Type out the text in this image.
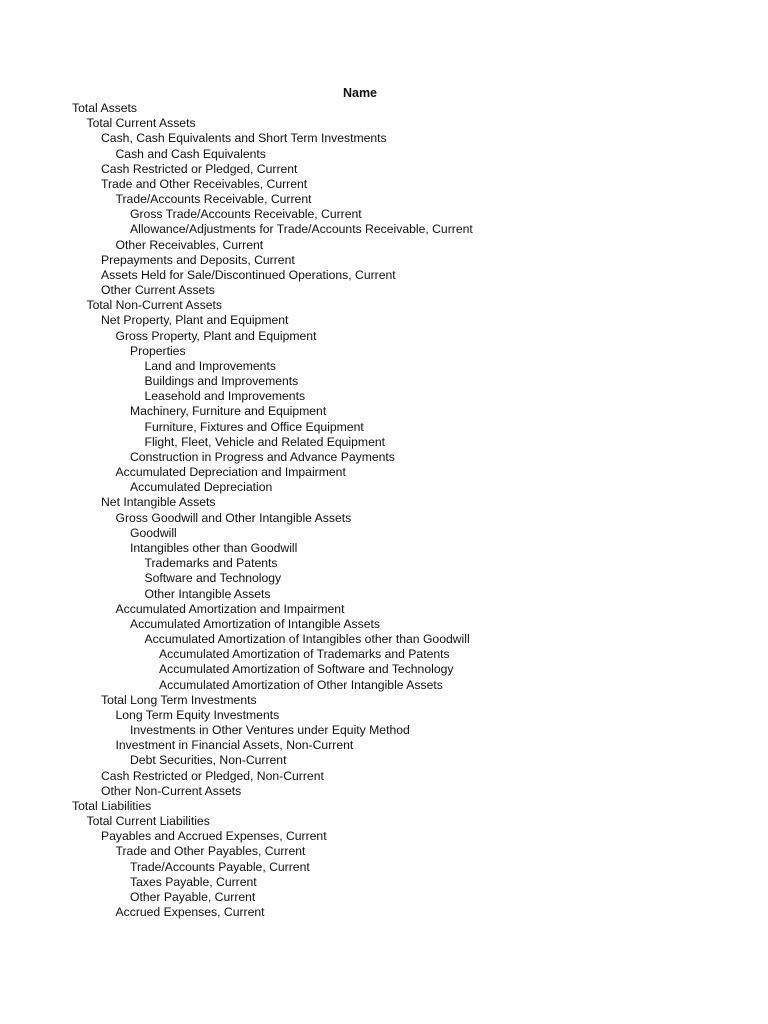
Name
Total Assets
Total Current Assets
Cash, Cash Equivalents and Short Term Investments
Cash and Cash Equivalents
Cash Restricted or Pledged, Current
Trade and Other Receivables, Current
Trade/Accounts Receivable, Current
Gross Trade/Accounts Receivable, Current
Allowance/Adjustments for Trade/Accounts Receivable, Current
Other Receivables, Current
Prepayments and Deposits, Current
Assets Held for Sale/Discontinued Operations, Current
Other Current Assets
Total Non-Current Assets
Net Property, Plant and Equipment
Gross Property, Plant and Equipment
Properties
Land and Improvements
Buildings and Improvements
Leasehold and Improvements
Machinery, Furniture and Equipment
Furniture, Fixtures and Office Equipment
Flight, Fleet, Vehicle and Related Equipment
Construction in Progress and Advance Payments
Accumulated Depreciation and Impairment
Accumulated Depreciation
Net Intangible Assets
Gross Goodwill and Other Intangible Assets
Goodwill
Intangibles other than Goodwill
Trademarks and Patents
Software and Technology
Other Intangible Assets
Accumulated Amortization and Impairment
Accumulated Amortization of Intangible Assets
Accumulated Amortization of Intangibles other than Goodwill
Accumulated Amortization of Trademarks and Patents
Accumulated Amortization of Software and Technology
Accumulated Amortization of Other Intangible Assets
Total Long Term Investments
Long Term Equity Investments
Investments in Other Ventures under Equity Method
Investment in Financial Assets, Non-Current
Debt Securities, Non-Current
Cash Restricted or Pledged, Non-Current
Other Non-Current Assets
Total Liabilities
Total Current Liabilities
Payables and Accrued Expenses, Current
Trade and Other Payables, Current
Trade/Accounts Payable, Current
Taxes Payable, Current
Other Payable, Current
Accrued Expenses, Current
